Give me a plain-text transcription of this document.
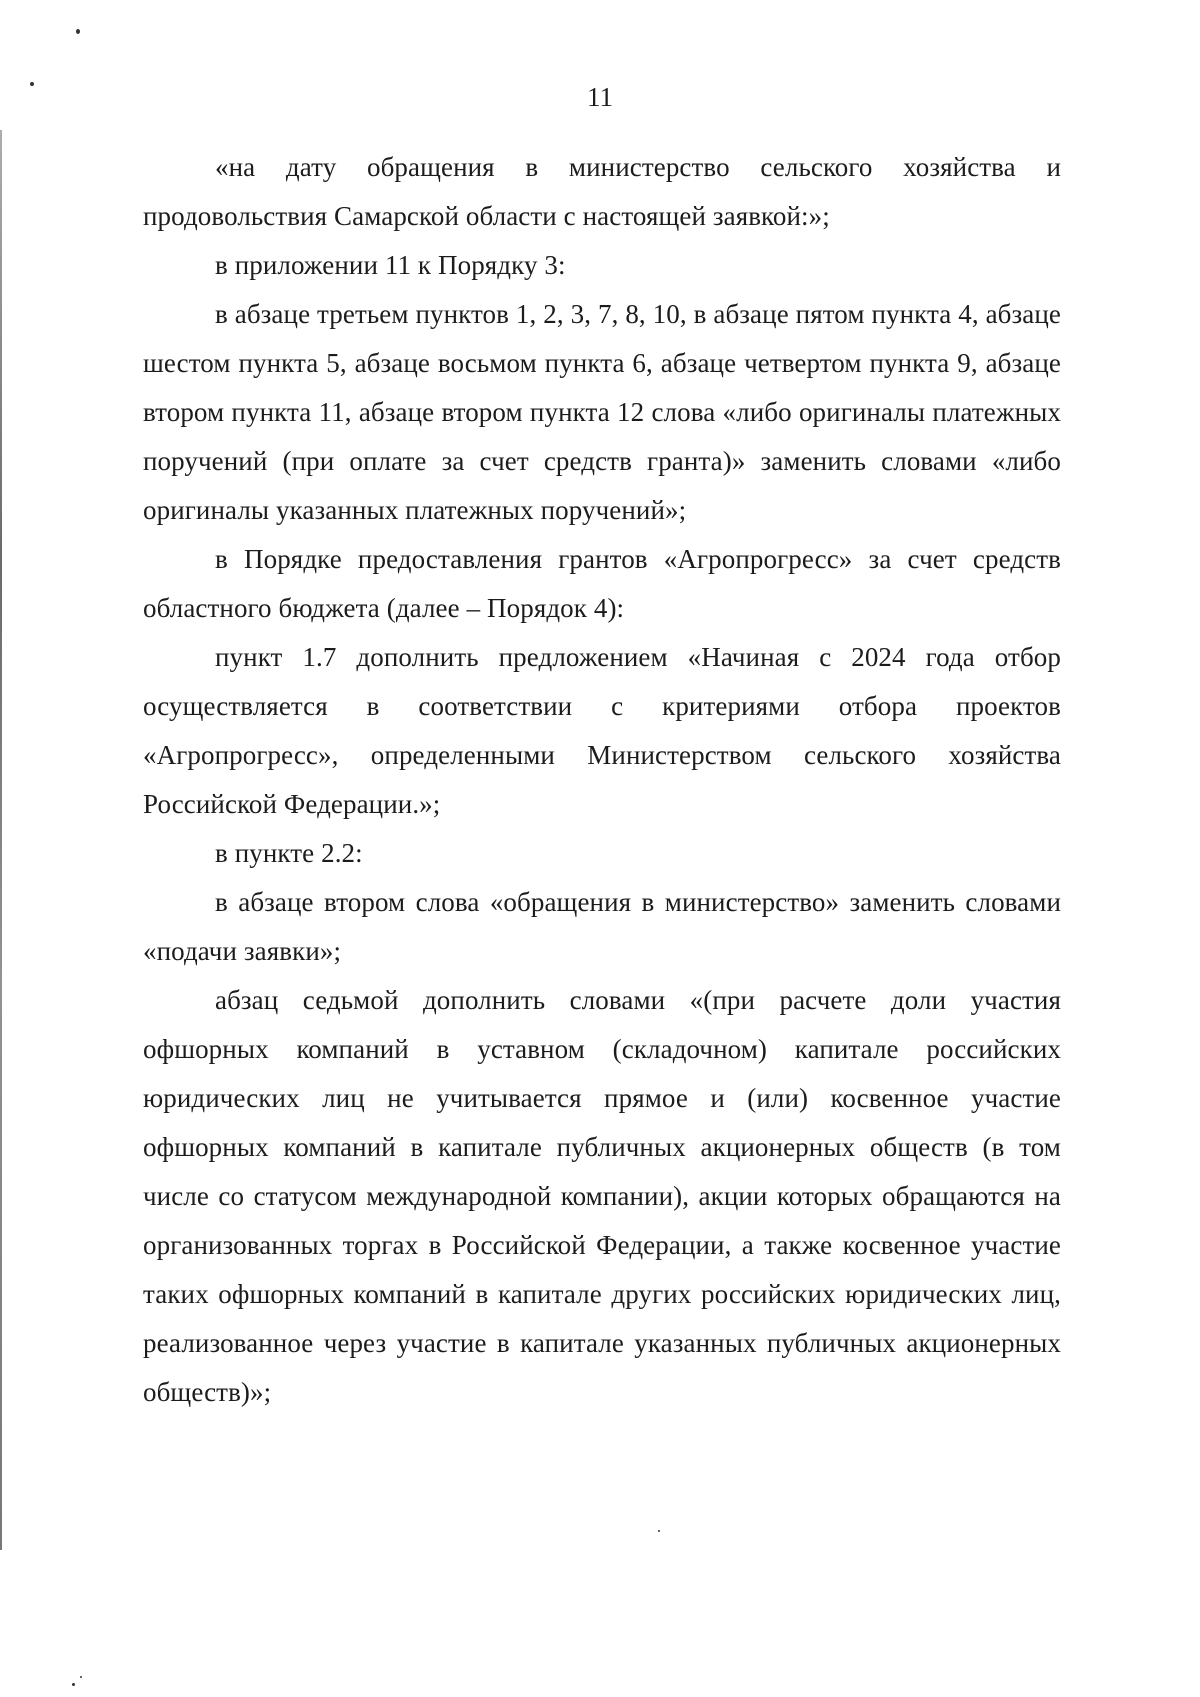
11

«на дату обращения в министерство сельского хозяйства и продовольствия Самарской области с настоящей заявкой:»;

в приложении 11 к Порядку 3:

в абзаце третьем пунктов 1, 2, 3, 7, 8, 10, в абзаце пятом пункта 4, абзаце шестом пункта 5, абзаце восьмом пункта 6, абзаце четвертом пункта 9, абзаце втором пункта 11, абзаце втором пункта 12 слова «либо оригиналы платежных поручений (при оплате за счет средств гранта)» заменить словами «либо оригиналы указанных платежных поручений»;

в Порядке предоставления грантов «Агропрогресс» за счет средств областного бюджета (далее – Порядок 4):

пункт 1.7 дополнить предложением «Начиная с 2024 года отбор осуществляется в соответствии с критериями отбора проектов «Агропрогресс», определенными Министерством сельского хозяйства Российской Федерации.»;

в пункте 2.2:

в абзаце втором слова «обращения в министерство» заменить словами «подачи заявки»;

абзац седьмой дополнить словами «(при расчете доли участия офшорных компаний в уставном (складочном) капитале российских юридических лиц не учитывается прямое и (или) косвенное участие офшорных компаний в капитале публичных акционерных обществ (в том числе со статусом международной компании), акции которых обращаются на организованных торгах в Российской Федерации, а также косвенное участие таких офшорных компаний в капитале других российских юридических лиц, реализованное через участие в капитале указанных публичных акционерных обществ)»;
